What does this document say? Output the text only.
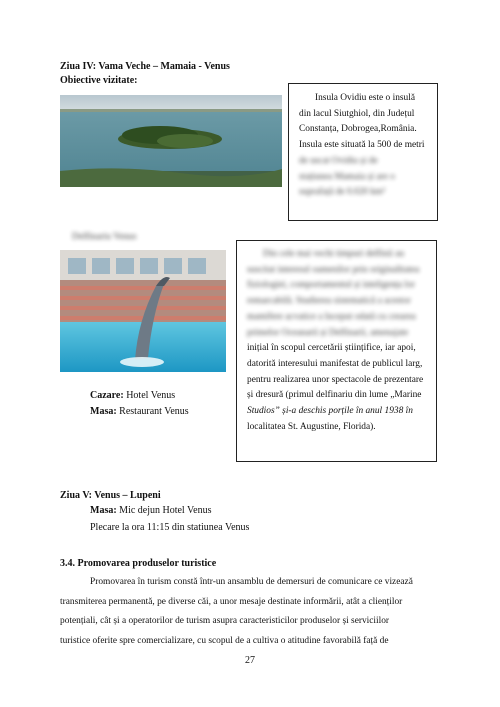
Ziua IV: Vama Veche – Mamaia - Venus
Obiective vizitate:
Insula Ovidiu este o insulă
din lacul Siutghiol, din Județul
Constanța, Dobrogea,România.
Insula este situată la 500 de metri
de uscat Ovidiu și de
stațiunea Mamaia și are o
suprafață de 0.020 km²
Delfinariu Venus
Din cele mai vechi timpuri delfinii au
suscitat interesul oamenilor prin originalitatea
fiziologiei, comportamentul și inteligența lor
remarcabilă. Studierea sistematică a acestor
mamifere acvatice a început odată cu crearea
primelor Oceanarii și Delfinarii, amenajate
inițial în scopul cercetării științifice, iar apoi,
datorită interesului manifestat de publicul larg,
pentru realizarea unor spectacole de prezentare
și dresură (primul delfinariu din lume „Marine
Studios” și-a deschis porțile în anul 1938 în
localitatea St. Augustine, Florida).
Cazare: Hotel Venus
Masa: Restaurant Venus
Ziua V: Venus – Lupeni
Masa: Mic dejun Hotel Venus
Plecare la ora 11:15 din statiunea Venus
3.4. Promovarea produselor turistice
Promovarea în turism constă într-un ansamblu de demersuri de comunicare ce vizează
transmiterea permanentă, pe diverse căi, a unor mesaje destinate informării, atât a clienților
potențiali, cât și a operatorilor de turism asupra caracteristicilor produselor și serviciilor
turistice oferite spre comercializare, cu scopul de a cultiva o atitudine favorabilă față de
27
